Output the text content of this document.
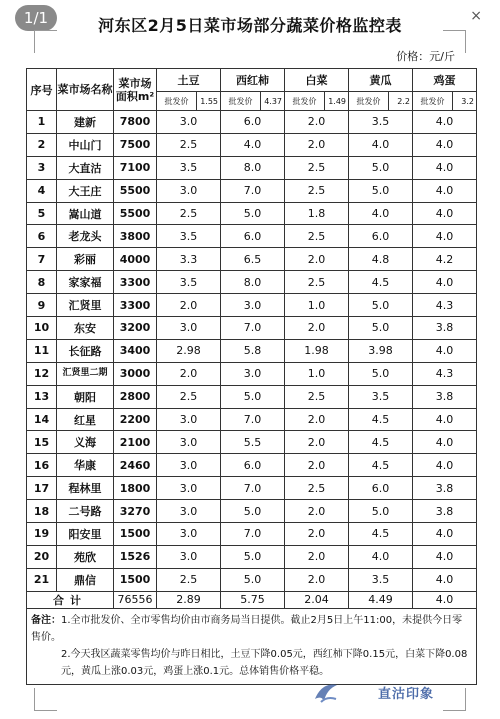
1/1	×
河东区2月5日菜市场部分蔬菜价格监控表
价格：元/斤
序号	菜市场名称	菜市场面积m²	土豆		西红柿		白菜		黄瓜		鸡蛋	
			批发价	1.55	批发价	4.37	批发价	1.49	批发价	2.2	批发价	3.2
1	建新	7800	3.0		6.0		2.0		3.5		4.0	
2	中山门	7500	2.5		4.0		2.0		4.0		4.0	
3	大直沽	7100	3.5		8.0		2.5		5.0		4.0	
4	大王庄	5500	3.0		7.0		2.5		5.0		4.0	
5	嵩山道	5500	2.5		5.0		1.8		4.0		4.0	
6	老龙头	3800	3.5		6.0		2.5		6.0		4.0	
7	彩丽	4000	3.3		6.5		2.0		4.8		4.2	
8	家家福	3300	3.5		8.0		2.5		4.5		4.0	
9	汇贤里	3300	2.0		3.0		1.0		5.0		4.3	
10	东安	3200	3.0		7.0		2.0		5.0		3.8	
11	长征路	3400	2.98		5.8		1.98		3.98		4.0	
12	汇贤里二期	3000	2.0		3.0		1.0		5.0		4.3	
13	朝阳	2800	2.5		5.0		2.5		3.5		3.8	
14	红星	2200	3.0		7.0		2.0		4.5		4.0	
15	义海	2100	3.0		5.5		2.0		4.5		4.0	
16	华康	2460	3.0		6.0		2.0		4.5		4.0	
17	程林里	1800	3.0		7.0		2.5		6.0		3.8	
18	二号路	3270	3.0		5.0		2.0		5.0		3.8	
19	阳安里	1500	3.0		7.0		2.0		4.5		4.0	
20	苑欣	1526	3.0		5.0		2.0		4.0		4.0	
21	鼎信	1500	2.5		5.0		2.0		3.5		4.0	
合计		76556	2.89		5.75		2.04		4.49		4.0	

备注：1.全市批发价、全市零售均价由市商务局当日提供。截止2月5日上午11:00，未提供今日零售价。
2.今天我区蔬菜零售均价与昨日相比，土豆下降0.05元，西红柿下降0.15元，白菜下降0.08元，黄瓜上涨0.03元，鸡蛋上涨0.1元。总体销售价格平稳。												
直沽印象
